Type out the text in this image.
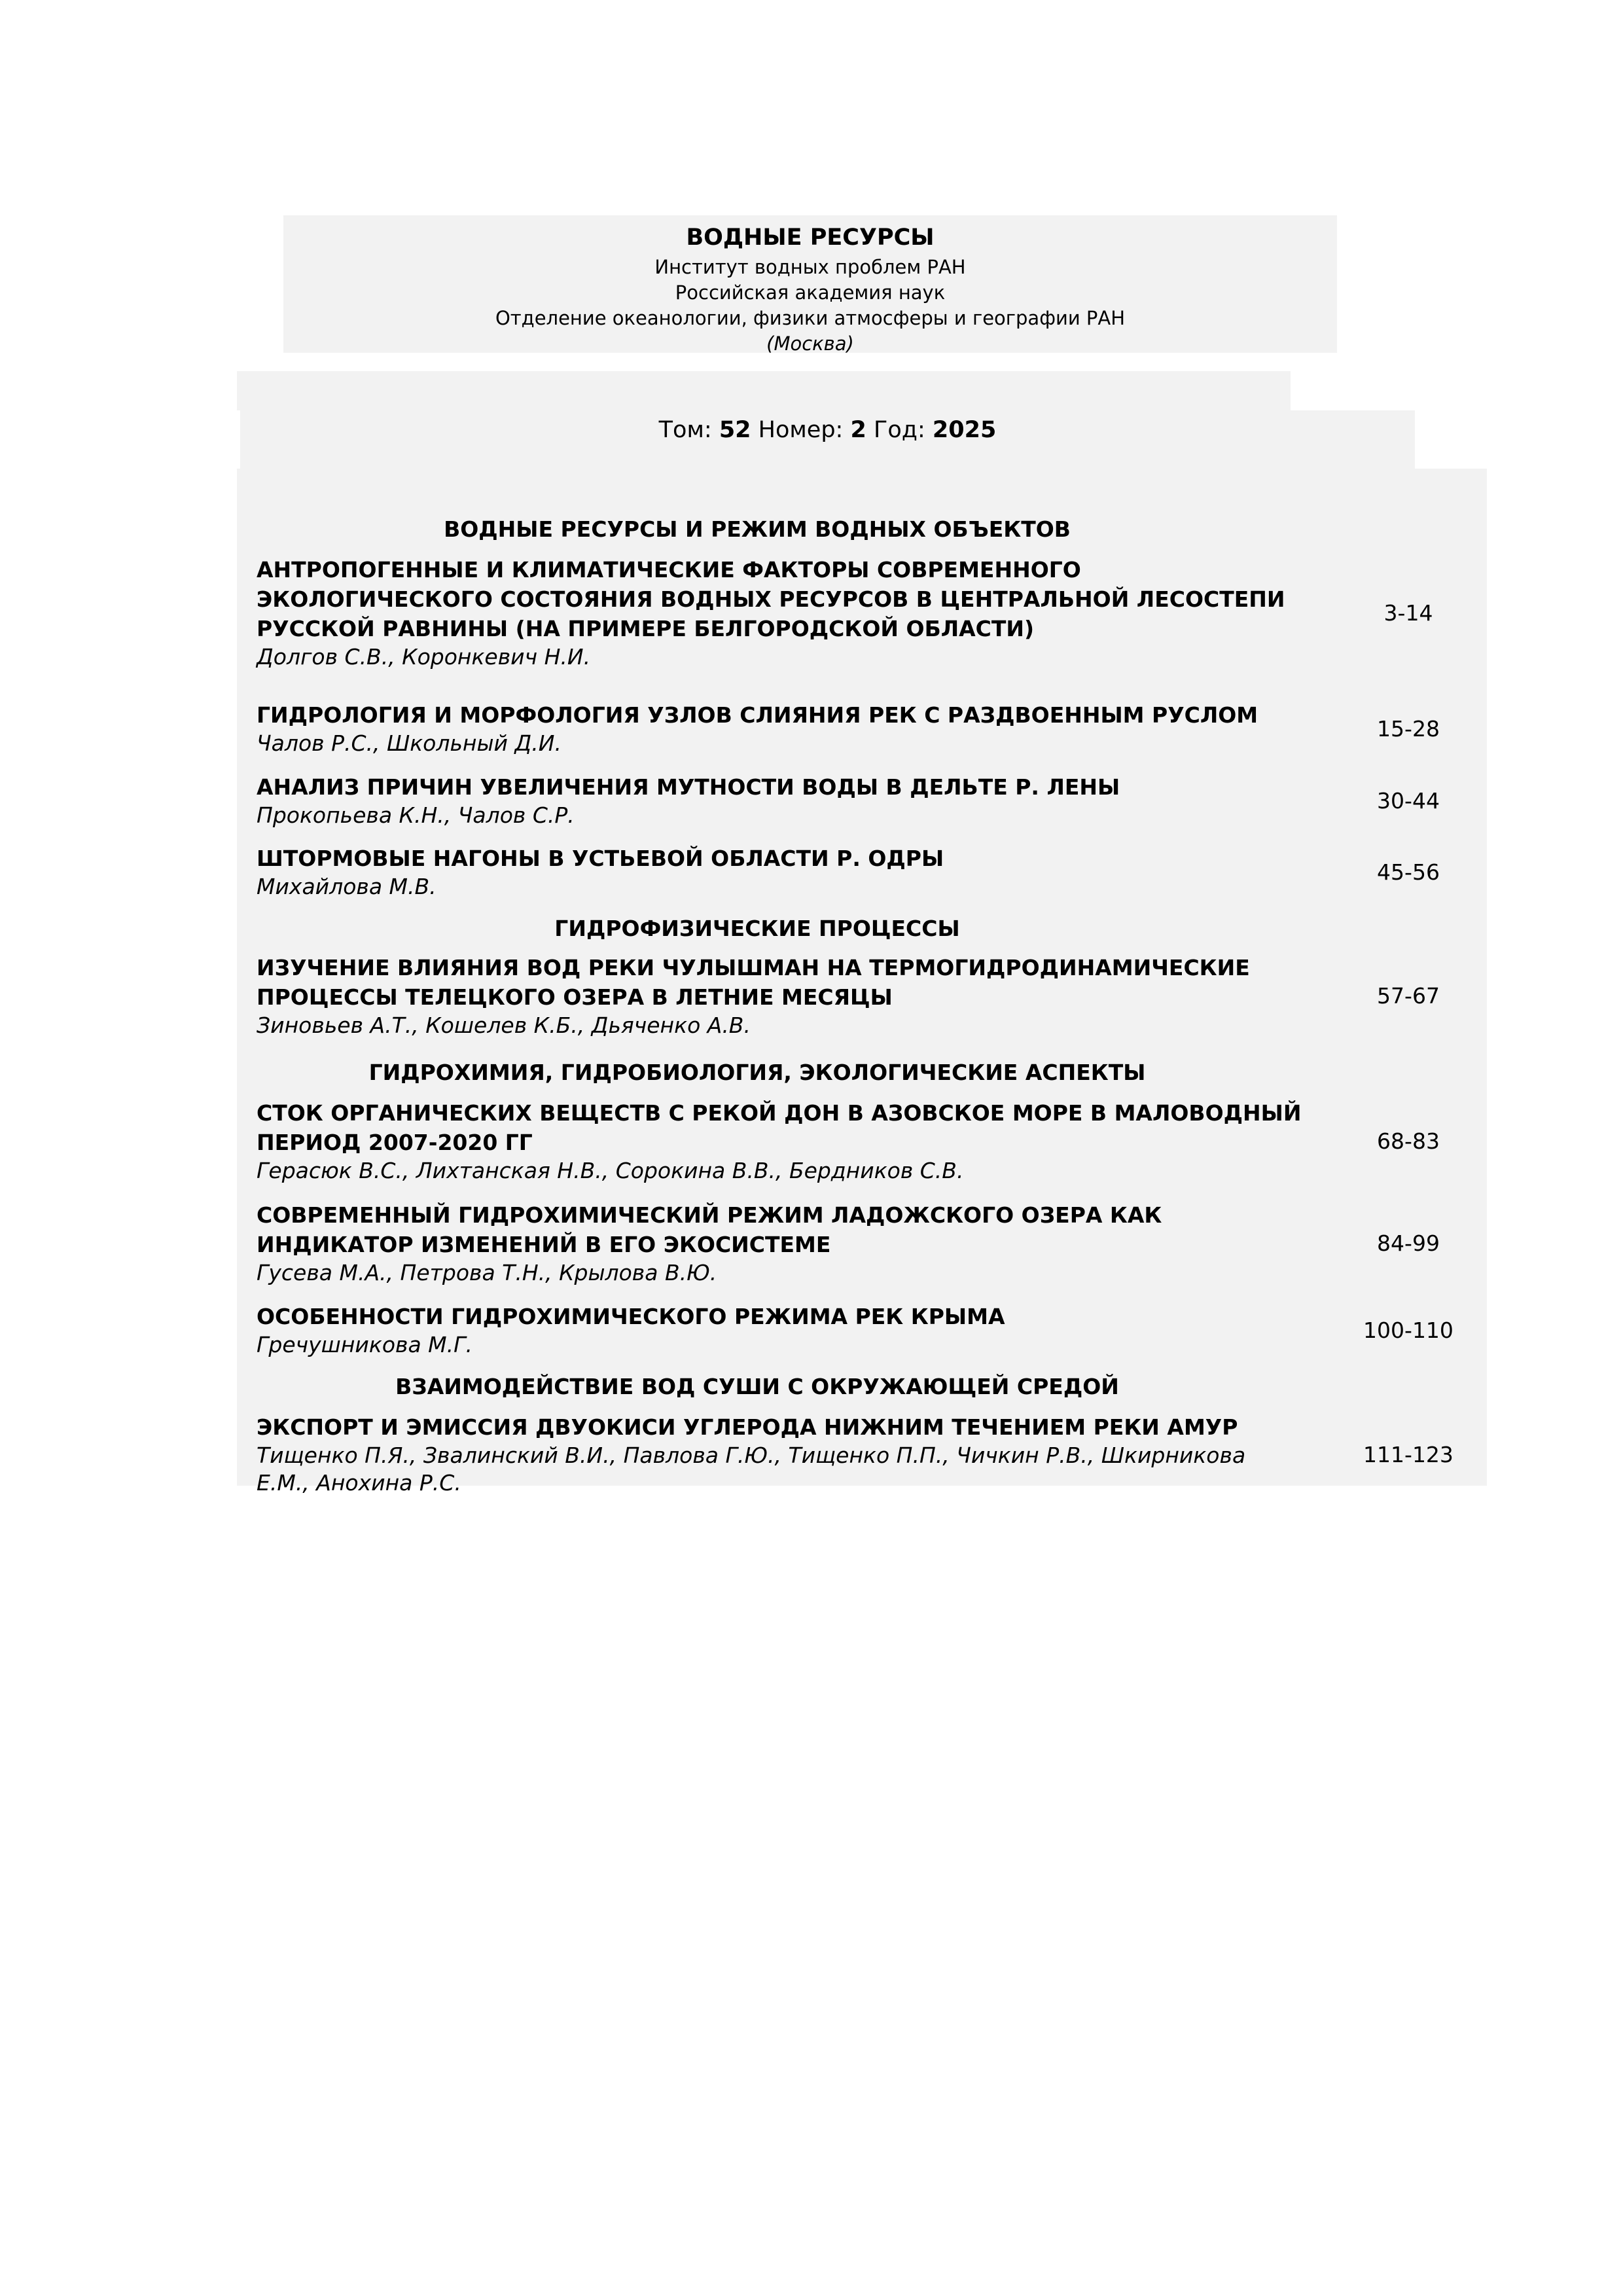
ВОДНЫЕ РЕСУРСЫ
Институт водных проблем РАН
Российская академия наук
Отделение океанологии, физики атмосферы и географии РАН
(Москва)
Том: 52 Номер: 2 Год: 2025
ВОДНЫЕ РЕСУРСЫ И РЕЖИМ ВОДНЫХ ОБЪЕКТОВ
АНТРОПОГЕННЫЕ И КЛИМАТИЧЕСКИЕ ФАКТОРЫ СОВРЕМЕННОГО ЭКОЛОГИЧЕСКОГО СОСТОЯНИЯ ВОДНЫХ РЕСУРСОВ В ЦЕНТРАЛЬНОЙ ЛЕСОСТЕПИ РУССКОЙ РАВНИНЫ (НА ПРИМЕРЕ БЕЛГОРОДСКОЙ ОБЛАСТИ)
Долгов С.В., Коронкевич Н.И.
3-14
ГИДРОЛОГИЯ И МОРФОЛОГИЯ УЗЛОВ СЛИЯНИЯ РЕК С РАЗДВОЕННЫМ РУСЛОМ
Чалов Р.С., Школьный Д.И.
15-28
АНАЛИЗ ПРИЧИН УВЕЛИЧЕНИЯ МУТНОСТИ ВОДЫ В ДЕЛЬТЕ Р. ЛЕНЫ
Прокопьева К.Н., Чалов С.Р.
30-44
ШТОРМОВЫЕ НАГОНЫ В УСТЬЕВОЙ ОБЛАСТИ Р. ОДРЫ
Михайлова М.В.
45-56
ГИДРОФИЗИЧЕСКИЕ ПРОЦЕССЫ
ИЗУЧЕНИЕ ВЛИЯНИЯ ВОД РЕКИ ЧУЛЫШМАН НА ТЕРМОГИДРОДИНАМИЧЕСКИЕ ПРОЦЕССЫ ТЕЛЕЦКОГО ОЗЕРА В ЛЕТНИЕ МЕСЯЦЫ
Зиновьев А.Т., Кошелев К.Б., Дьяченко А.В.
57-67
ГИДРОХИМИЯ, ГИДРОБИОЛОГИЯ, ЭКОЛОГИЧЕСКИЕ АСПЕКТЫ
СТОК ОРГАНИЧЕСКИХ ВЕЩЕСТВ С РЕКОЙ ДОН В АЗОВСКОЕ МОРЕ В МАЛОВОДНЫЙ ПЕРИОД 2007-2020 ГГ
Герасюк В.С., Лихтанская Н.В., Сорокина В.В., Бердников С.В.
68-83
СОВРЕМЕННЫЙ ГИДРОХИМИЧЕСКИЙ РЕЖИМ ЛАДОЖСКОГО ОЗЕРА КАК ИНДИКАТОР ИЗМЕНЕНИЙ В ЕГО ЭКОСИСТЕМЕ
Гусева М.А., Петрова Т.Н., Крылова В.Ю.
84-99
ОСОБЕННОСТИ ГИДРОХИМИЧЕСКОГО РЕЖИМА РЕК КРЫМА
Гречушникова М.Г.
100-110
ВЗАИМОДЕЙСТВИЕ ВОД СУШИ С ОКРУЖАЮЩЕЙ СРЕДОЙ
ЭКСПОРТ И ЭМИССИЯ ДВУОКИСИ УГЛЕРОДА НИЖНИМ ТЕЧЕНИЕМ РЕКИ АМУР
Тищенко П.Я., Звалинский В.И., Павлова Г.Ю., Тищенко П.П., Чичкин Р.В., Шкирникова Е.М., Анохина Р.С.
111-123
